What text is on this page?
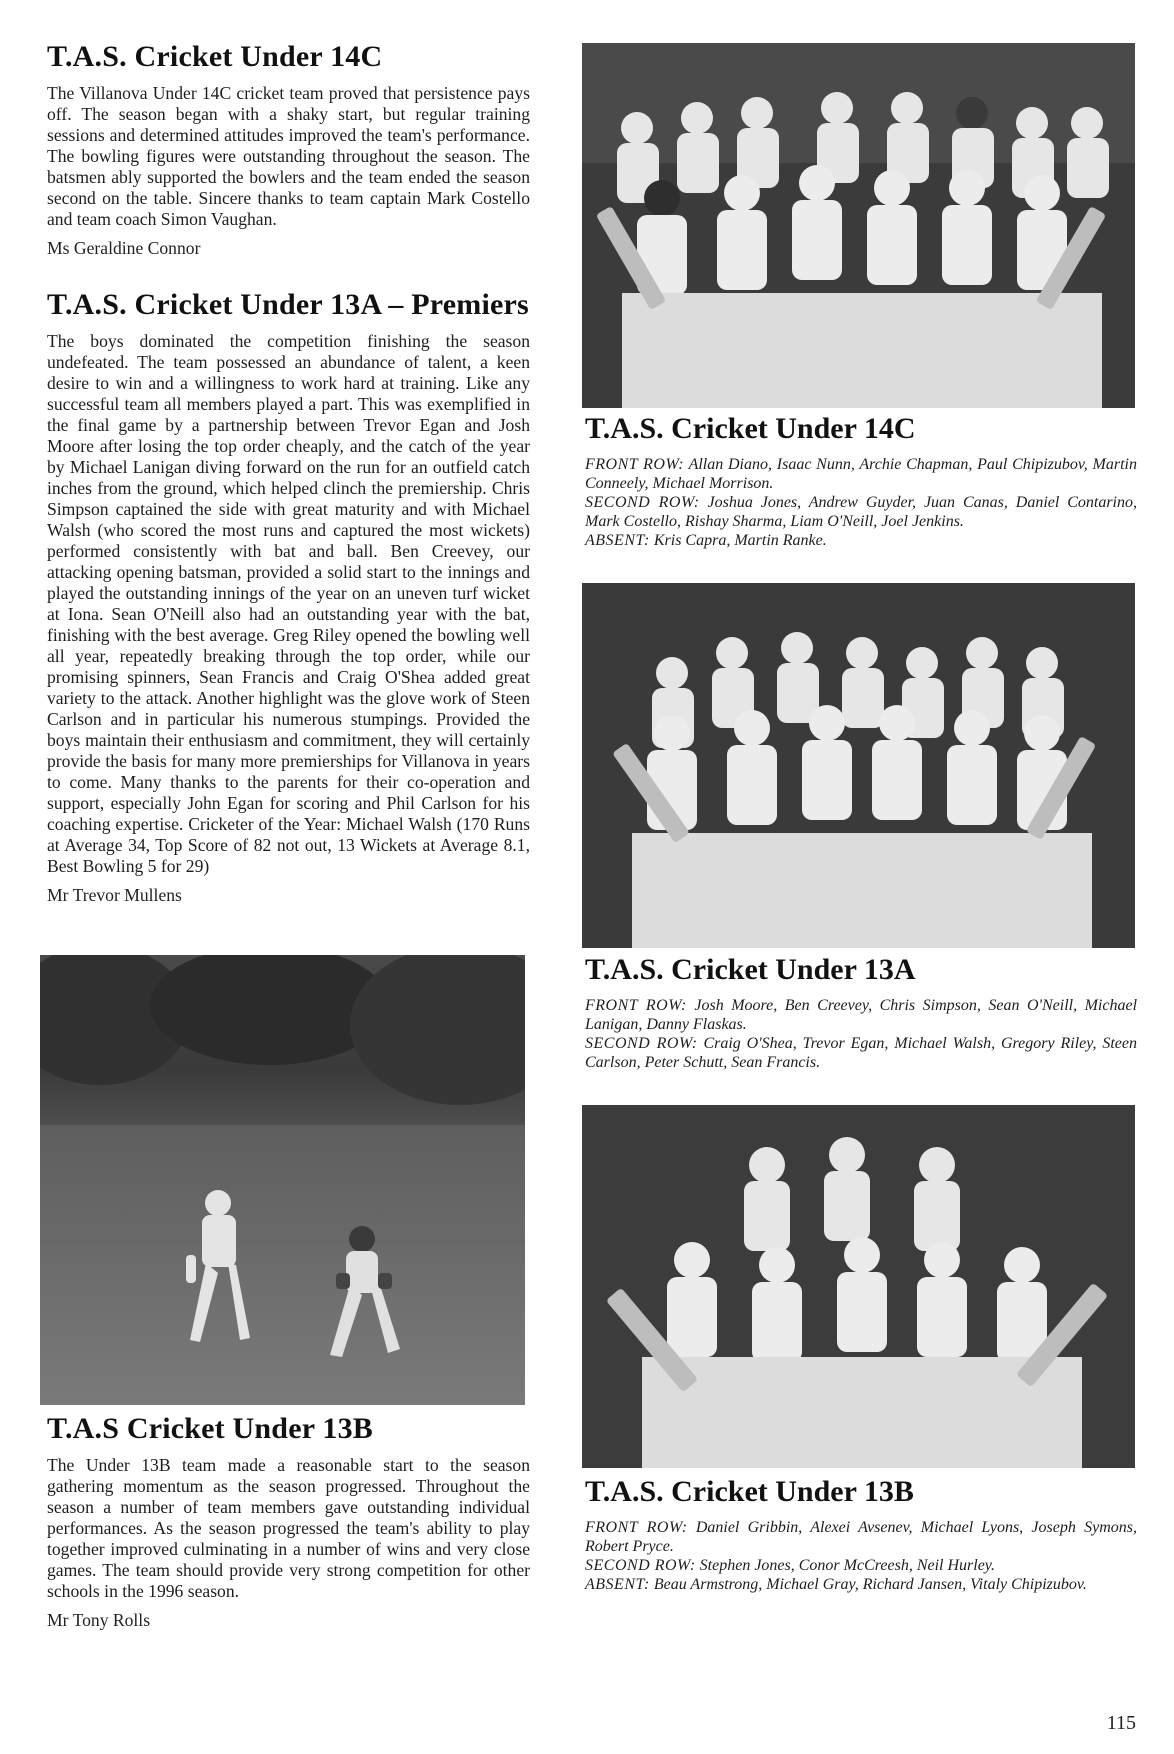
T.A.S. Cricket Under 14C

The Villanova Under 14C cricket team proved that persistence pays off. The season began with a shaky start, but regular training sessions and determined attitudes improved the team's performance. The bowling figures were outstanding throughout the season. The batsmen ably supported the bowlers and the team ended the season second on the table. Sincere thanks to team captain Mark Costello and team coach Simon Vaughan.

Ms Geraldine Connor
T.A.S. Cricket Under 13A – Premiers

The boys dominated the competition finishing the season undefeated. The team possessed an abundance of talent, a keen desire to win and a willingness to work hard at training. Like any successful team all members played a part. This was exemplified in the final game by a partnership between Trevor Egan and Josh Moore after losing the top order cheaply, and the catch of the year by Michael Lanigan diving forward on the run for an outfield catch inches from the ground, which helped clinch the premiership. Chris Simpson captained the side with great maturity and with Michael Walsh (who scored the most runs and captured the most wickets) performed consistently with bat and ball. Ben Creevey, our attacking opening batsman, provided a solid start to the innings and played the outstanding innings of the year on an uneven turf wicket at Iona. Sean O'Neill also had an outstanding year with the bat, finishing with the best average. Greg Riley opened the bowling well all year, repeatedly breaking through the top order, while our promising spinners, Sean Francis and Craig O'Shea added great variety to the attack. Another highlight was the glove work of Steen Carlson and in particular his numerous stumpings. Provided the boys maintain their enthusiasm and commitment, they will certainly provide the basis for many more premierships for Villanova in years to come. Many thanks to the parents for their co-operation and support, especially John Egan for scoring and Phil Carlson for his coaching expertise. Cricketer of the Year: Michael Walsh (170 Runs at Average 34, Top Score of 82 not out, 13 Wickets at Average 8.1, Best Bowling 5 for 29)

Mr Trevor Mullens
T.A.S Cricket Under 13B

The Under 13B team made a reasonable start to the season gathering momentum as the season progressed. Throughout the season a number of team members gave outstanding individual performances. As the season progressed the team's ability to play together improved culminating in a number of wins and very close games. The team should provide very strong competition for other schools in the 1996 season.

Mr Tony Rolls
T.A.S. Cricket Under 14C

FRONT ROW: Allan Diano, Isaac Nunn, Archie Chapman, Paul Chipizubov, Martin Conneely, Michael Morrison.
SECOND ROW: Joshua Jones, Andrew Guyder, Juan Canas, Daniel Contarino, Mark Costello, Rishay Sharma, Liam O'Neill, Joel Jenkins.
ABSENT: Kris Capra, Martin Ranke.

T.A.S. Cricket Under 13A

FRONT ROW: Josh Moore, Ben Creevey, Chris Simpson, Sean O'Neill, Michael Lanigan, Danny Flaskas.
SECOND ROW: Craig O'Shea, Trevor Egan, Michael Walsh, Gregory Riley, Steen Carlson, Peter Schutt, Sean Francis.

T.A.S. Cricket Under 13B

FRONT ROW: Daniel Gribbin, Alexei Avsenev, Michael Lyons, Joseph Symons, Robert Pryce.
SECOND ROW: Stephen Jones, Conor McCreesh, Neil Hurley.
ABSENT: Beau Armstrong, Michael Gray, Richard Jansen, Vitaly Chipizubov.

115
